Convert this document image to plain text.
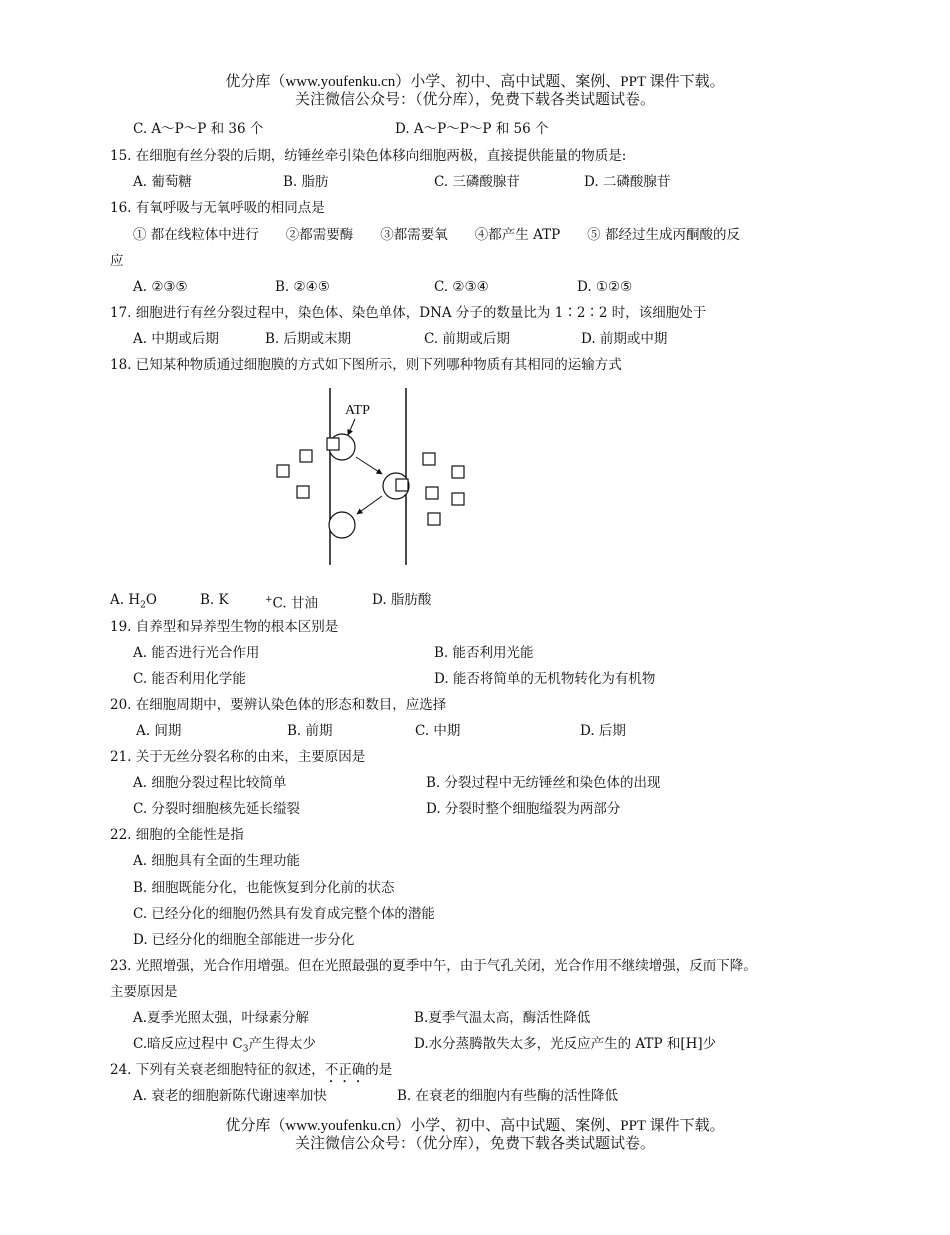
优分库（www.youfenku.cn）小学、初中、高中试题、案例、PPT 课件下载。
关注微信公众号：（优分库），免费下载各类试题试卷。
C. A～P～P 和 36 个	D. A～P～P～P 和 56 个
15. 在细胞有丝分裂的后期，纺锤丝牵引染色体移向细胞两极，直接提供能量的物质是:
A. 葡萄糖	B. 脂肪	C. 三磷酸腺苷	D. 二磷酸腺苷
16. 有氧呼吸与无氧呼吸的相同点是
① 都在线粒体中进行　　②都需要酶　　③都需要氧　　④都产生 ATP　　⑤ 都经过生成丙酮酸的反
应
A. ②③⑤	B. ②④⑤	C. ②③④	D. ①②⑤
17. 细胞进行有丝分裂过程中，染色体、染色单体，DNA 分子的数量比为 1∶2∶2 时，该细胞处于
A. 中期或后期	B. 后期或末期	C. 前期或后期	D. 前期或中期
18. 已知某种物质通过细胞膜的方式如下图所示，则下列哪种物质有其相同的运输方式
ATP
A. $H_2O$	B. K	+C. 甘油	D. 脂肪酸
19. 自养型和异养型生物的根本区别是
A. 能否进行光合作用	B. 能否利用光能
C. 能否利用化学能	D. 能否将简单的无机物转化为有机物
20. 在细胞周期中，要辨认染色体的形态和数目，应选择
A. 间期	B. 前期	C. 中期	D. 后期
21. 关于无丝分裂名称的由来，主要原因是
A. 细胞分裂过程比较简单	B. 分裂过程中无纺锤丝和染色体的出现
C. 分裂时细胞核先延长缢裂	D. 分裂时整个细胞缢裂为两部分
22. 细胞的全能性是指
A. 细胞具有全面的生理功能
B. 细胞既能分化，也能恢复到分化前的状态
C. 已经分化的细胞仍然具有发育成完整个体的潜能
D. 已经分化的细胞全部能进一步分化
23. 光照增强，光合作用增强。但在光照最强的夏季中午，由于气孔关闭，光合作用不继续增强，反而下降。
主要原因是
A.夏季光照太强，叶绿素分解	B.夏季气温太高，酶活性降低
C.暗反应过程中 $C_3$产生得太少	D.水分蒸腾散失太多，光反应产生的 ATP 和[H]少
24. 下列有关衰老细胞特征的叙述，不正确的是
A. 衰老的细胞新陈代谢速率加快	B. 在衰老的细胞内有些酶的活性降低
优分库（www.youfenku.cn）小学、初中、高中试题、案例、PPT 课件下载。
关注微信公众号：（优分库），免费下载各类试题试卷。
